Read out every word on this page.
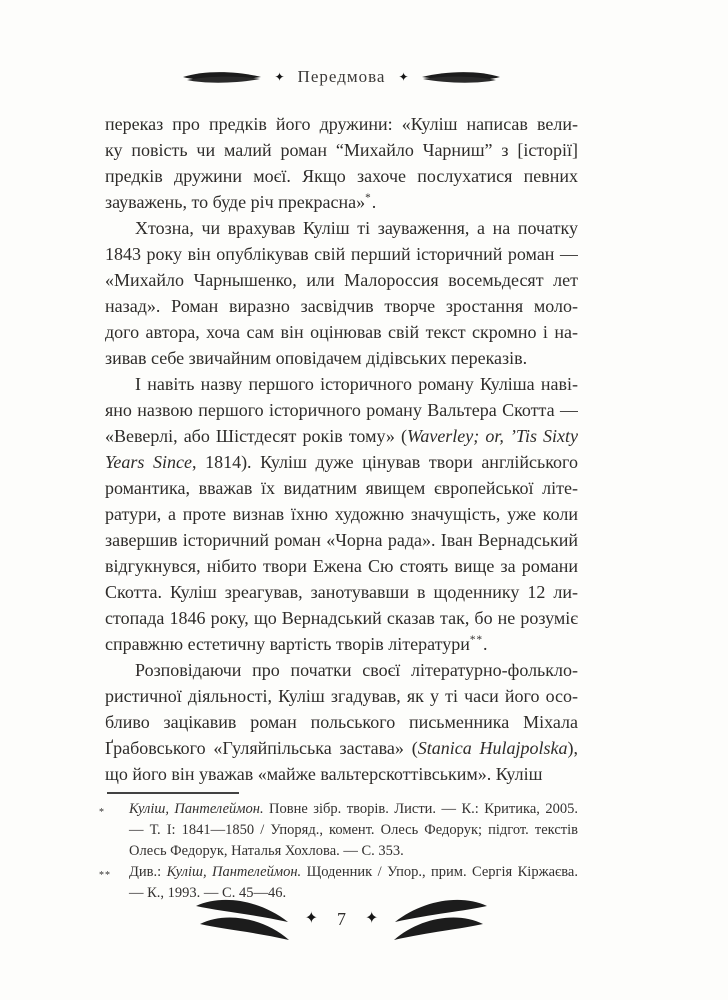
✦ Передмова ✦
переказ про предків його дружини: «Куліш написав вели-
ку повість чи малий роман “Михайло Чарниш” з [історії]
предків дружини моєї. Якщо захоче послухатися певних
зауважень, то буде річ прекрасна»*.
Хтозна, чи врахував Куліш ті зауваження, а на початку
1843 року він опублікував свій перший історичний роман —
«Михайло Чарнышенко, или Малороссия восемьдесят лет
назад». Роман виразно засвідчив творче зростання моло-
дого автора, хоча сам він оцінював свій текст скромно і на-
зивав себе звичайним оповідачем дідівських переказів.
І навіть назву першого історичного роману Куліша наві-
яно назвою першого історичного роману Вальтера Скотта —
«Веверлі, або Шістдесят років тому» (Waverley; or, ’Tis Sixty
Years Since, 1814). Куліш дуже цінував твори англійського
романтика, вважав їх видатним явищем європейської літе-
ратури, а проте визнав їхню художню значущість, уже коли
завершив історичний роман «Чорна рада». Іван Вернадський
відгукнувся, нібито твори Ежена Сю стоять вище за романи
Скотта. Куліш зреагував, занотувавши в щоденнику 12 ли-
стопада 1846 року, що Вернадський сказав так, бо не розуміє
справжню естетичну вартість творів літератури**.
Розповідаючи про початки своєї літературно-фолькло-
ристичної діяльності, Куліш згадував, як у ті часи його осо-
бливо зацікавив роман польського письменника Міхала
Ґрабовського «Гуляйпільська застава» (Stanica Hulajpolska),
що його він уважав «майже вальтерскоттівським». Куліш
*	Куліш, Пантелеймон. Повне зібр. творів. Листи. — К.: Критика, 2005. — Т. І: 1841—1850 / Упоряд., комент. Олесь Федорук; підгот. текстів Олесь Федорук, Наталья Хохлова. — С. 353.
**	Див.: Куліш, Пантелеймон. Щоденник / Упор., прим. Сергія Кіржаєва. — К., 1993. — С. 45—46.
✦ 7 ✦
